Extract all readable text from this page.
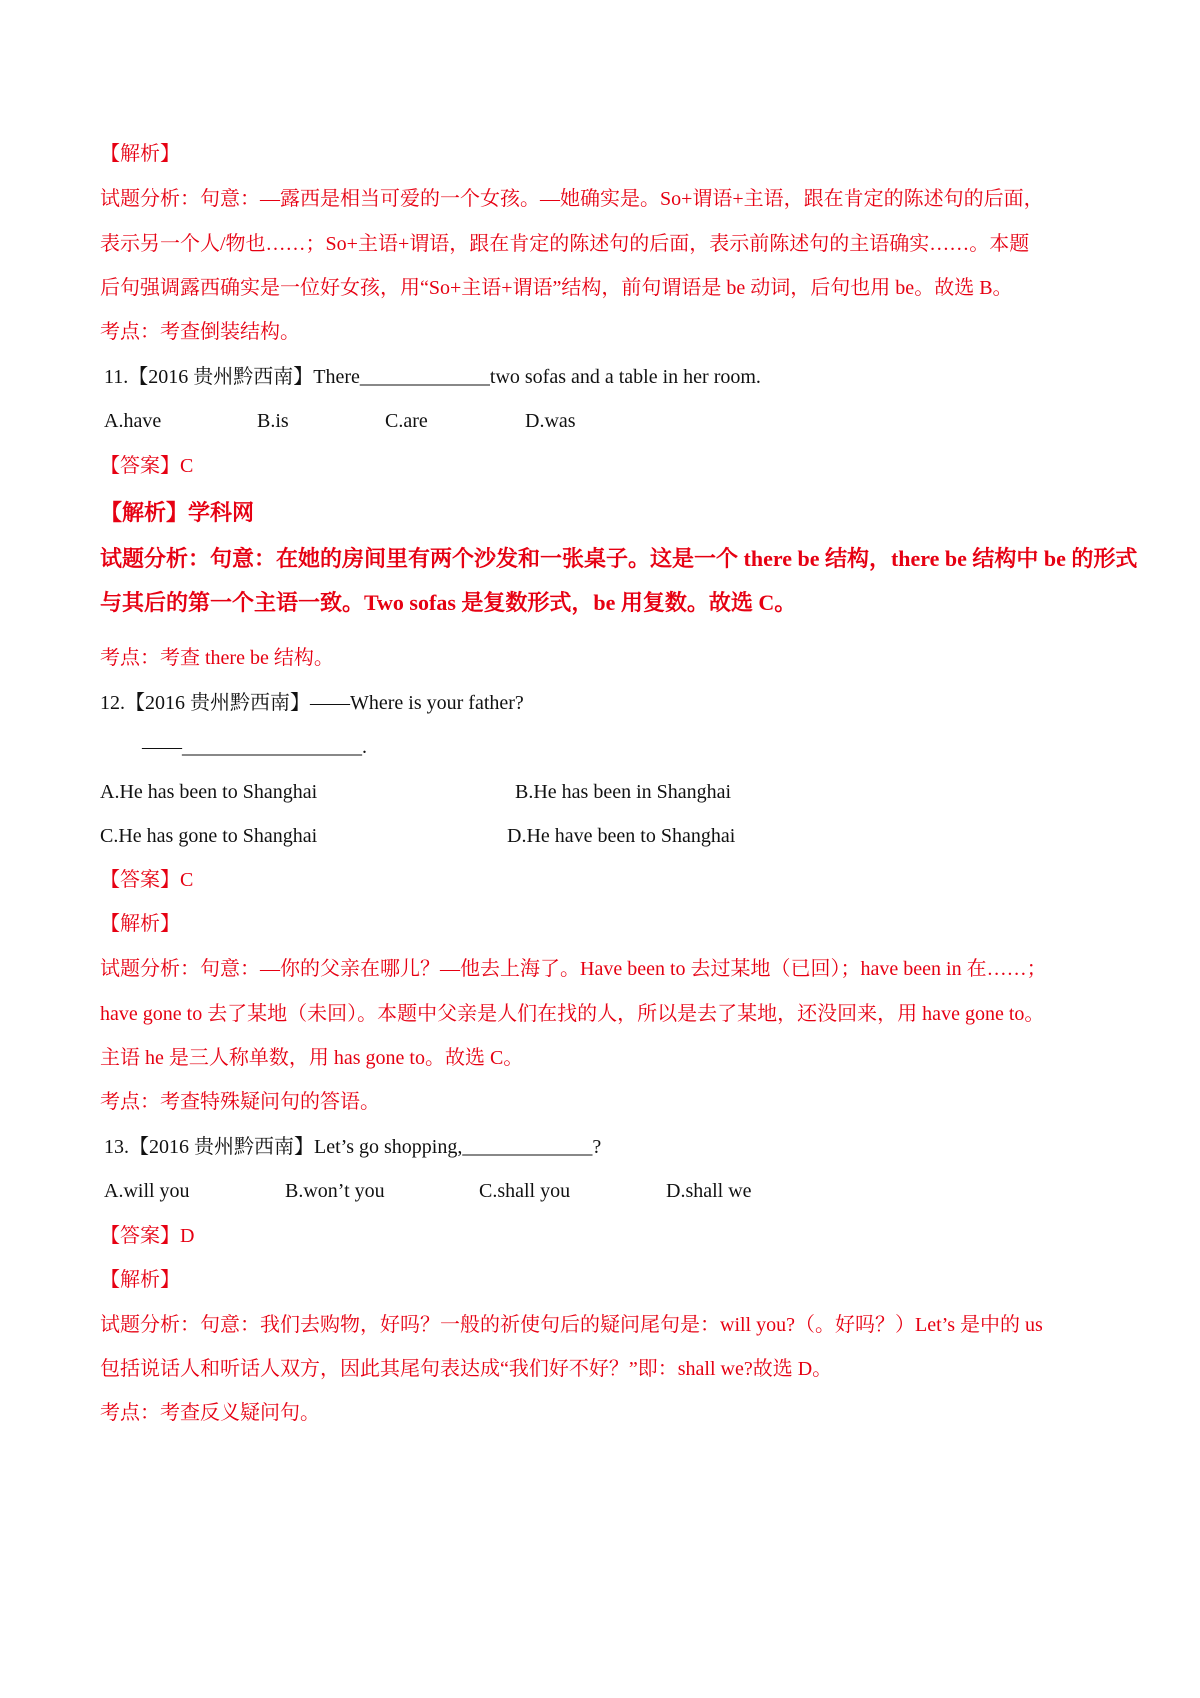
【解析】
试题分析：句意：—露西是相当可爱的一个女孩。—她确实是。So+谓语+主语，跟在肯定的陈述句的后面，
表示另一个人/物也……；So+主语+谓语，跟在肯定的陈述句的后面，表示前陈述句的主语确实……。本题
后句强调露西确实是一位好女孩，用“So+主语+谓语”结构，前句谓语是 be 动词，后句也用 be。故选 B。
考点：考查倒装结构。
11.【2016 贵州黔西南】There_____________two sofas and a table in her room.
A.have	B.is	C.are	D.was
【答案】C
【解析】学科网
试题分析：句意：在她的房间里有两个沙发和一张桌子。这是一个 there be 结构，there be 结构中 be 的形式
与其后的第一个主语一致。Two sofas 是复数形式，be 用复数。故选 C。
考点：考查 there be 结构。
12.【2016 贵州黔西南】——Where is your father?
——__________________.
A.He has been to Shanghai	B.He has been in Shanghai
C.He has gone to Shanghai	D.He have been to Shanghai
【答案】C
【解析】
试题分析：句意：—你的父亲在哪儿？—他去上海了。Have been to 去过某地（已回）；have been in 在……；
have gone to 去了某地（未回）。本题中父亲是人们在找的人，所以是去了某地，还没回来，用 have gone to。
主语 he 是三人称单数，用 has gone to。故选 C。
考点：考查特殊疑问句的答语。
13.【2016 贵州黔西南】Let’s go shopping,_____________?
A.will you	B.won’t you	C.shall you	D.shall we
【答案】D
【解析】
试题分析：句意：我们去购物，好吗？一般的祈使句后的疑问尾句是：will you?（。好吗？）Let’s 是中的 us
包括说话人和听话人双方，因此其尾句表达成“我们好不好？”即：shall we?故选 D。
考点：考查反义疑问句。
